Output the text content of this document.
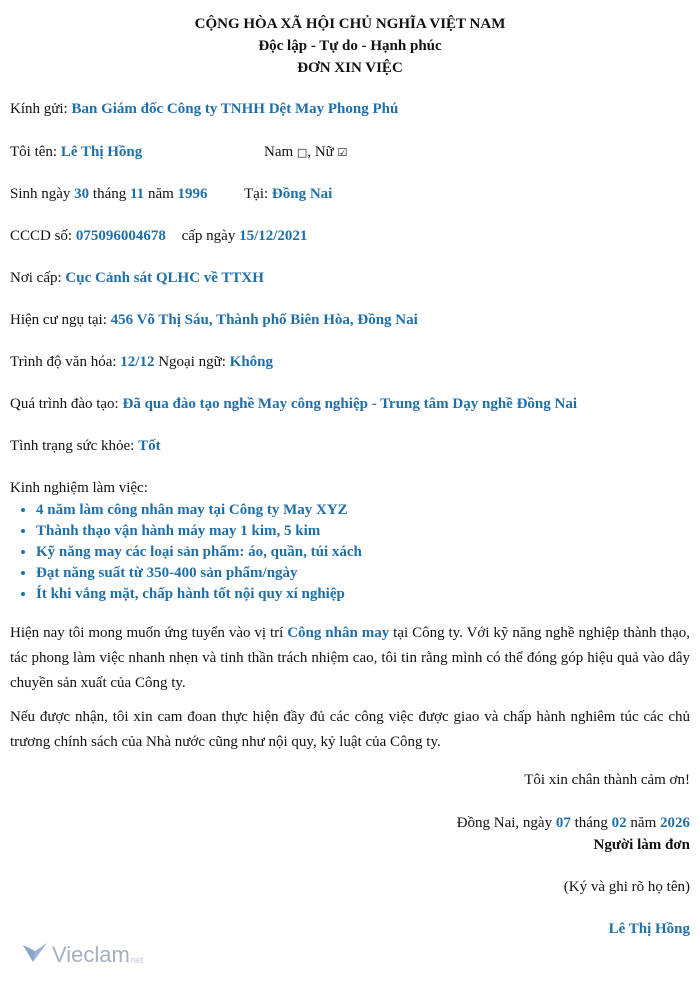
CỘNG HÒA XÃ HỘI CHỦ NGHĨA VIỆT NAM
Độc lập - Tự do - Hạnh phúc
ĐƠN XIN VIỆC
Kính gửi: Ban Giám đốc Công ty TNHH Dệt May Phong Phú
Tôi tên: Lê Thị Hồng	Nam □, Nữ ☑
Sinh ngày 30 tháng 11 năm 1996 Tại: Đồng Nai
CCCD số: 075096004678 cấp ngày 15/12/2021
Nơi cấp: Cục Cảnh sát QLHC về TTXH
Hiện cư ngụ tại: 456 Võ Thị Sáu, Thành phố Biên Hòa, Đồng Nai
Trình độ văn hóa: 12/12 Ngoại ngữ: Không
Quá trình đào tạo: Đã qua đào tạo nghề May công nghiệp - Trung tâm Dạy nghề Đồng Nai
Tình trạng sức khỏe: Tốt
Kinh nghiệm làm việc:
• 4 năm làm công nhân may tại Công ty May XYZ
• Thành thạo vận hành máy may 1 kim, 5 kim
• Kỹ năng may các loại sản phẩm: áo, quần, túi xách
• Đạt năng suất từ 350-400 sản phẩm/ngày
• Ít khi vắng mặt, chấp hành tốt nội quy xí nghiệp
Hiện nay tôi mong muốn ứng tuyển vào vị trí Công nhân may tại Công ty. Với kỹ năng nghề nghiệp thành thạo, tác phong làm việc nhanh nhẹn và tinh thần trách nhiệm cao, tôi tin rằng mình có thể đóng góp hiệu quả vào dây chuyền sản xuất của Công ty.
Nếu được nhận, tôi xin cam đoan thực hiện đầy đủ các công việc được giao và chấp hành nghiêm túc các chủ trương chính sách của Nhà nước cũng như nội quy, kỷ luật của Công ty.
Tôi xin chân thành cảm ơn!
Đồng Nai, ngày 07 tháng 02 năm 2026
Người làm đơn
(Ký và ghi rõ họ tên)
Lê Thị Hồng
Vieclam net
